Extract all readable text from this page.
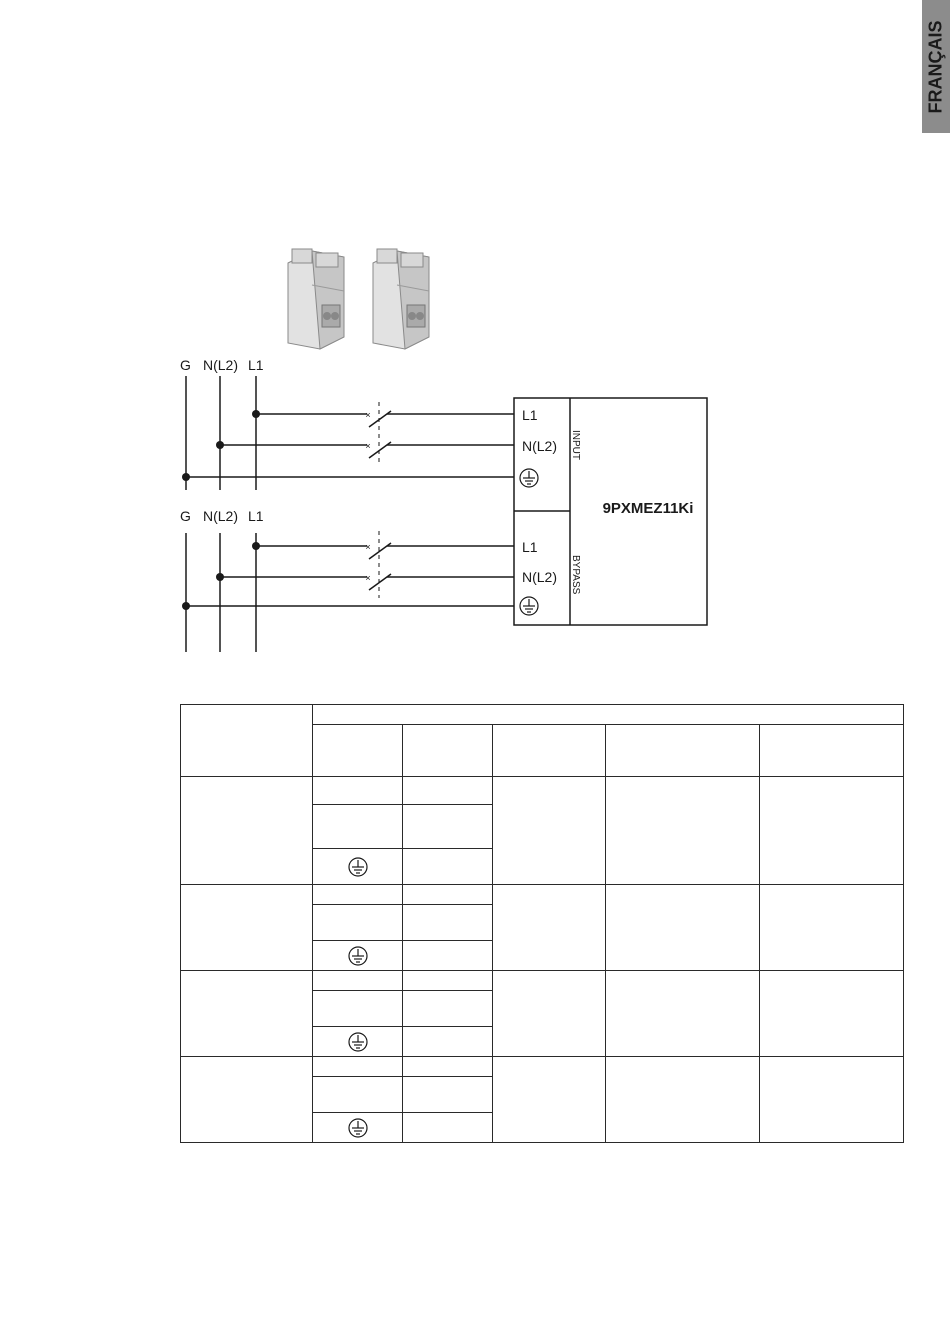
FRANÇAIS
×
×
×
×
G N(L2) L1
G N(L2) L1
L1
N(L2)
L1
N(L2)
INPUT
BYPASS
9PXMEZ11Ki
